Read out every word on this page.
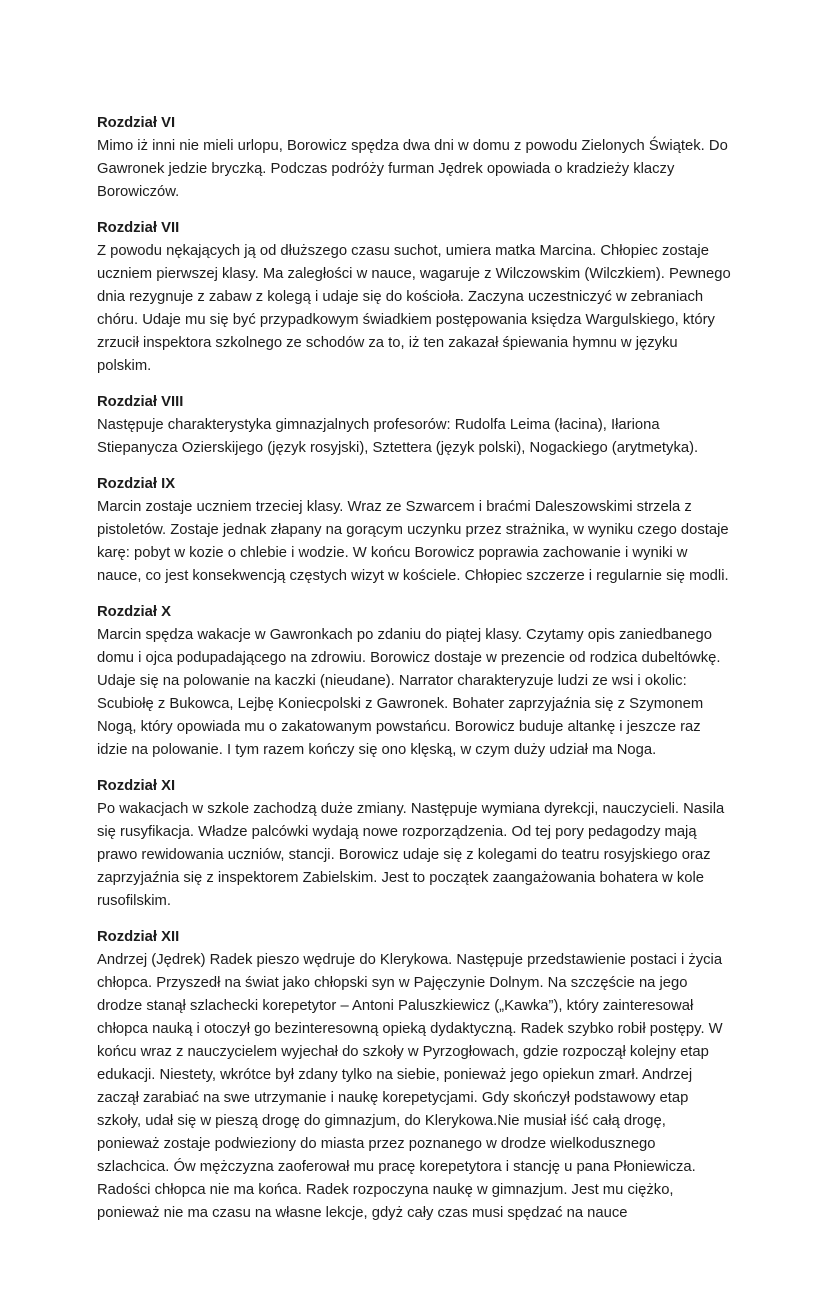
Rozdział VI

Mimo iż inni nie mieli urlopu, Borowicz spędza dwa dni w domu z powodu Zielonych Świątek. Do Gawronek jedzie bryczką. Podczas podróży furman Jędrek opowiada o kradzieży klaczy Borowiczów.

Rozdział VII

Z powodu nękających ją od dłuższego czasu suchot, umiera matka Marcina. Chłopiec zostaje uczniem pierwszej klasy. Ma zaległości w nauce, wagaruje z Wilczowskim (Wilczkiem). Pewnego dnia rezygnuje z zabaw z kolegą i udaje się do kościoła. Zaczyna uczestniczyć w zebraniach chóru. Udaje mu się być przypadkowym świadkiem postępowania księdza Wargulskiego, który zrzucił inspektora szkolnego ze schodów za to, iż ten zakazał śpiewania hymnu w języku polskim.

Rozdział VIII

Następuje charakterystyka gimnazjalnych profesorów: Rudolfa Leima (łacina), Iłariona Stiepanycza Ozierskijego (język rosyjski), Sztettera (język polski), Nogackiego (arytmetyka).

Rozdział IX

Marcin zostaje uczniem trzeciej klasy. Wraz ze Szwarcem i braćmi Daleszowskimi strzela z pistoletów. Zostaje jednak złapany na gorącym uczynku przez strażnika, w wyniku czego dostaje karę: pobyt w kozie o chlebie i wodzie. W końcu Borowicz poprawia zachowanie i wyniki w nauce, co jest konsekwencją częstych wizyt w kościele. Chłopiec szczerze i regularnie się modli.

Rozdział X

Marcin spędza wakacje w Gawronkach po zdaniu do piątej klasy. Czytamy opis zaniedbanego domu i ojca podupadającego na zdrowiu. Borowicz dostaje w prezencie od rodzica dubeltówkę. Udaje się na polowanie na kaczki (nieudane). Narrator charakteryzuje ludzi ze wsi i okolic: Scubiołę z Bukowca, Lejbę Koniecpolski z Gawronek. Bohater zaprzyjaźnia się z Szymonem Nogą, który opowiada mu o zakatowanym powstańcu. Borowicz buduje altankę i jeszcze raz idzie na polowanie. I tym razem kończy się ono klęską, w czym duży udział ma Noga.

Rozdział XI

Po wakacjach w szkole zachodzą duże zmiany. Następuje wymiana dyrekcji, nauczycieli. Nasila się rusyfikacja. Władze palcówki wydają nowe rozporządzenia. Od tej pory pedagodzy mają prawo rewidowania uczniów, stancji. Borowicz udaje się z kolegami do teatru rosyjskiego oraz zaprzyjaźnia się z inspektorem Zabielskim. Jest to początek zaangażowania bohatera w kole rusofilskim.

Rozdział XII

Andrzej (Jędrek) Radek pieszo wędruje do Klerykowa. Następuje przedstawienie postaci i życia chłopca. Przyszedł na świat jako chłopski syn w Pajęczynie Dolnym. Na szczęście na jego drodze stanął szlachecki korepetytor – Antoni Paluszkiewicz („Kawka”), który zainteresował chłopca nauką i otoczył go bezinteresowną opieką dydaktyczną. Radek szybko robił postępy. W końcu wraz z nauczycielem wyjechał do szkoły w Pyrzogłowach, gdzie rozpoczął kolejny etap edukacji. Niestety, wkrótce był zdany tylko na siebie, ponieważ jego opiekun zmarł. Andrzej zaczął zarabiać na swe utrzymanie i naukę korepetycjami. Gdy skończył podstawowy etap szkoły, udał się w pieszą drogę do gimnazjum, do Klerykowa.Nie musiał iść całą drogę, ponieważ zostaje podwieziony do miasta przez poznanego w drodze wielkodusznego szlachcica. Ów mężczyzna zaoferował mu pracę korepetytora i stancję u pana Płoniewicza. Radości chłopca nie ma końca. Radek rozpoczyna naukę w gimnazjum. Jest mu ciężko, ponieważ nie ma czasu na własne lekcje, gdyż cały czas musi spędzać na nauce
